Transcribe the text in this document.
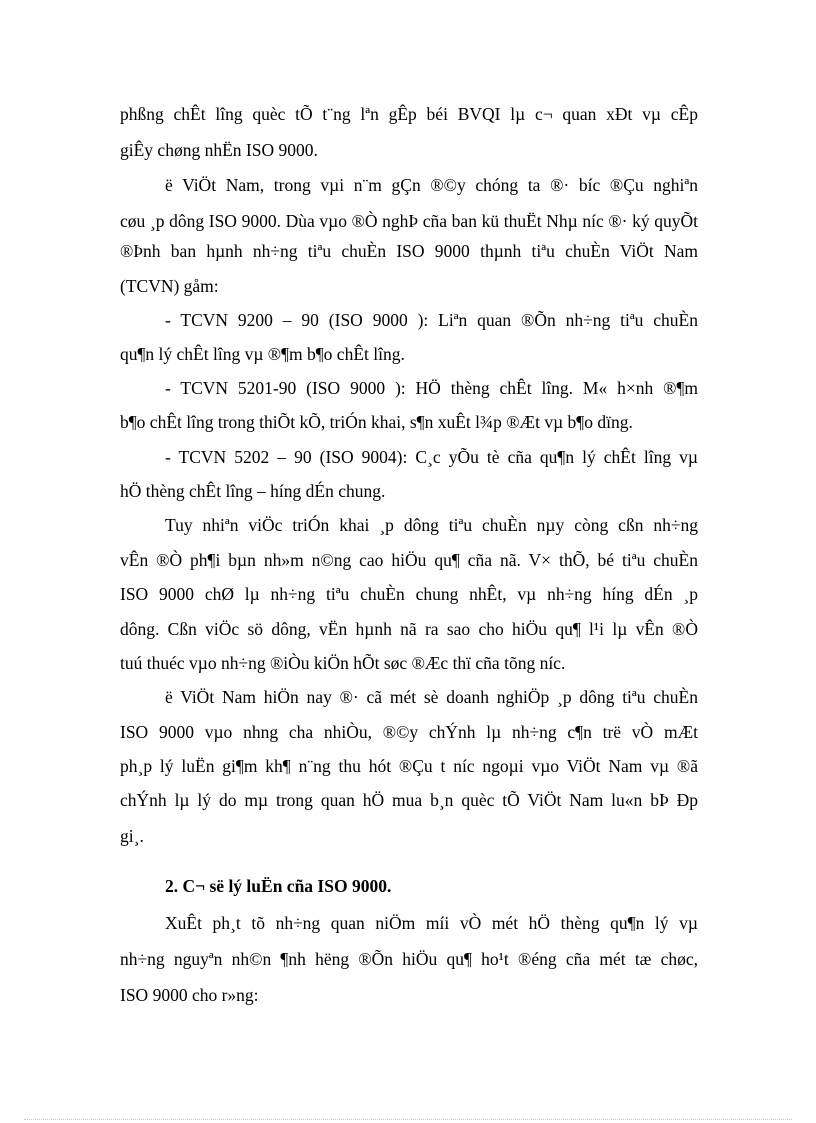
phßng chÊt lîng quèc tÕ t¨ng lªn gÊp béi BVQI lµ c¬ quan xÐt vµ cÊp
giÊy chøng nhËn ISO 9000.
ë ViÖt Nam, trong vµi n¨m gÇn ®©y chóng ta ®· bíc ®Çu nghiªn
cøu ¸p dông ISO 9000. Dùa vµo ®Ò nghÞ cña ban kü thuËt Nhµ níc ®· ký quyÕt
®Þnh ban hµnh nh÷ng tiªu chuÈn ISO 9000 thµnh tiªu chuÈn ViÖt Nam
(TCVN) gåm:
- TCVN 9200 – 90 (ISO 9000 ): Liªn quan ®Õn nh÷ng tiªu chuÈn
qu¶n lý chÊt lîng vµ ®¶m b¶o chÊt lîng.
- TCVN 5201-90 (ISO 9000 ): HÖ thèng chÊt lîng. M« h×nh ®¶m
b¶o chÊt lîng trong thiÕt kÕ, triÓn khai, s¶n xuÊt l¾p ®Æt vµ b¶o dïng.
- TCVN 5202 – 90 (ISO 9004): C¸c yÕu tè cña qu¶n lý chÊt lîng vµ
hÖ thèng chÊt lîng – híng dÉn chung.
Tuy nhiªn viÖc triÓn khai ¸p dông tiªu chuÈn nµy còng cßn nh÷ng
vÊn ®Ò ph¶i bµn nh»m n©ng cao hiÖu qu¶ cña nã. V× thÕ, bé tiªu chuÈn
ISO 9000 chØ lµ nh÷ng tiªu chuÈn chung nhÊt, vµ nh÷ng híng dÉn ¸p
dông. Cßn viÖc sö dông, vËn hµnh nã ra sao cho hiÖu qu¶ l¹i lµ vÊn ®Ò
tuú thuéc vµo nh÷ng ®iÒu kiÖn hÕt søc ®Æc thï cña tõng níc.
ë ViÖt Nam hiÖn nay ®· cã mét sè doanh nghiÖp ¸p dông tiªu chuÈn
ISO 9000 vµo nhng cha nhiÒu, ®©y chÝnh lµ nh÷ng c¶n trë vÒ mÆt
ph¸p lý luËn gi¶m kh¶ n¨ng thu hót ®Çu t níc ngoµi vµo ViÖt Nam vµ ®ã
chÝnh lµ lý do mµ trong quan hÖ mua b¸n quèc tÕ ViÖt Nam lu«n bÞ Ðp
gi¸.
2. C¬ së lý luËn cña ISO 9000.
XuÊt ph¸t tõ nh÷ng quan niÖm míi vÒ mét hÖ thèng qu¶n lý vµ
nh÷ng nguyªn nh©n ¶nh hëng ®Õn hiÖu qu¶ ho¹t ®éng cña mét tæ chøc,
ISO 9000 cho r»ng:
